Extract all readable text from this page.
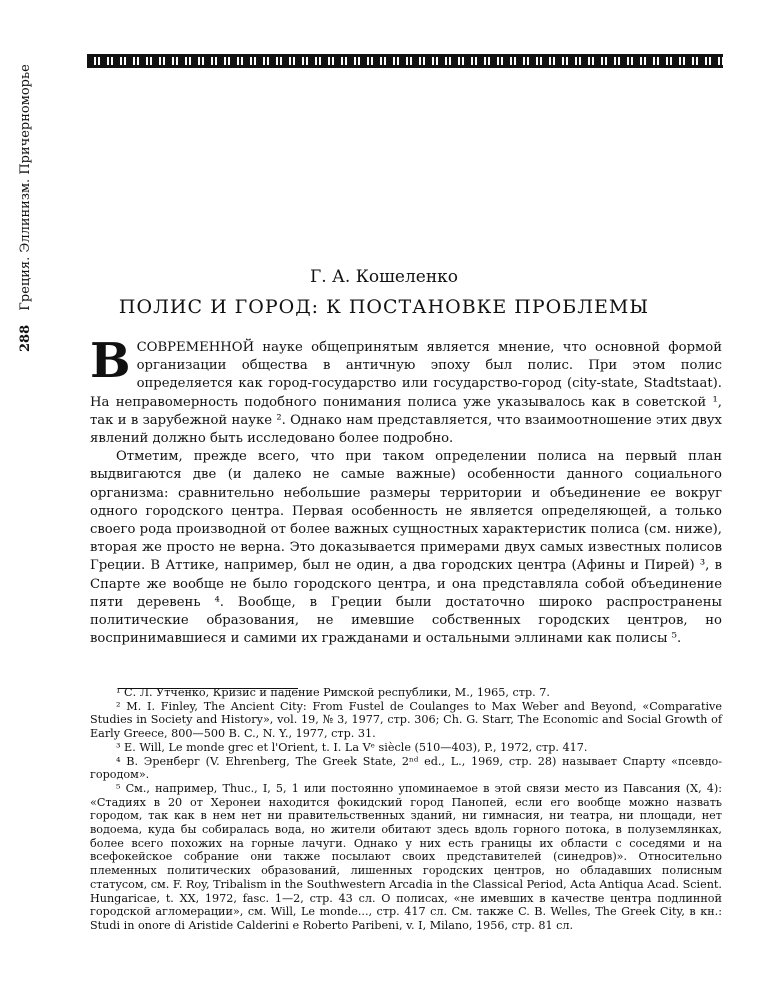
288 Греция. Эллинизм. Причерноморье	Г. А. Кошеленко
ПОЛИС И ГОРОД: К ПОСТАНОВКЕ ПРОБЛЕМЫ

В СОВРЕМЕННОЙ науке общепринятым является мнение, что основной формой организации общества в античную эпоху был полис. При этом полис определяется как город-государство или государство-город (city-state, Stadtstaat). На неправомерность подобного понимания полиса уже указывалось как в советской ¹, так и в зарубежной науке ². Однако нам представляется, что взаимоотношение этих двух явлений должно быть исследовано более подробно.

Отметим, прежде всего, что при таком определении полиса на первый план выдвигаются две (и далеко не самые важные) особенности данного социального организма: сравнительно небольшие размеры территории и объединение ее вокруг одного городского центра. Первая особенность не является определяющей, а только своего рода производной от более важных сущностных характеристик полиса (см. ниже), вторая же просто не верна. Это доказывается примерами двух самых известных полисов Греции. В Аттике, например, был не один, а два городских центра (Афины и Пирей) ³, в Спарте же вообще не было городского центра, и она представляла собой объединение пяти деревень ⁴. Вообще, в Греции были достаточно широко распространены политические образования, не имевшие собственных городских центров, но воспринимавшиеся и самими их гражданами и остальными эллинами как полисы ⁵.

¹ С. Л. Утченко, Кризис и падение Римской республики, М., 1965, стр. 7.

² M. I. Finley, The Ancient City: From Fustel de Coulanges to Max Weber and Beyond, «Comparative Studies in Society and History», vol. 19, № 3, 1977, стр. 306; Ch. G. Starr, The Economic and Social Growth of Early Greece, 800—500 B. C., N. Y., 1977, стр. 31.

³ E. Will, Le monde grec et l'Orient, t. I. La Vᵉ siècle (510—403), P., 1972, стр. 417.

⁴ В. Эренберг (V. Ehrenberg, The Greek State, 2ⁿᵈ ed., L., 1969, стр. 28) называет Спарту «псевдо-городом».

⁵ См., например, Thuc., I, 5, 1 или постоянно упоминаемое в этой связи место из Павсания (X, 4): «Стадиях в 20 от Херонеи находится фокидский город Панопей, если его вообще можно назвать городом, так как в нем нет ни правительственных зданий, ни гимнасия, ни театра, ни площади, нет водоема, куда бы собиралась вода, но жители обитают здесь вдоль горного потока, в полуземлянках, более всего похожих на горные лачуги. Однако у них есть границы их области с соседями и на всефокейское собрание они также посылают своих представителей (синедров)». Относительно племенных политических образований, лишенных городских центров, но обладавших полисным статусом, см. F. Roy, Tribalism in the Southwestern Arcadia in the Classical Period, Acta Antiqua Acad. Scient. Hungaricae, t. XX, 1972, fasc. 1—2, стр. 43 сл. О полисах, «не имевших в качестве центра подлинной городской агломерации», см. Will, Le monde..., стр. 417 сл. См. также C. B. Welles, The Greek City, в кн.: Studi in onore di Aristide Calderini e Roberto Paribeni, v. I, Milano, 1956, стр. 81 сл.
